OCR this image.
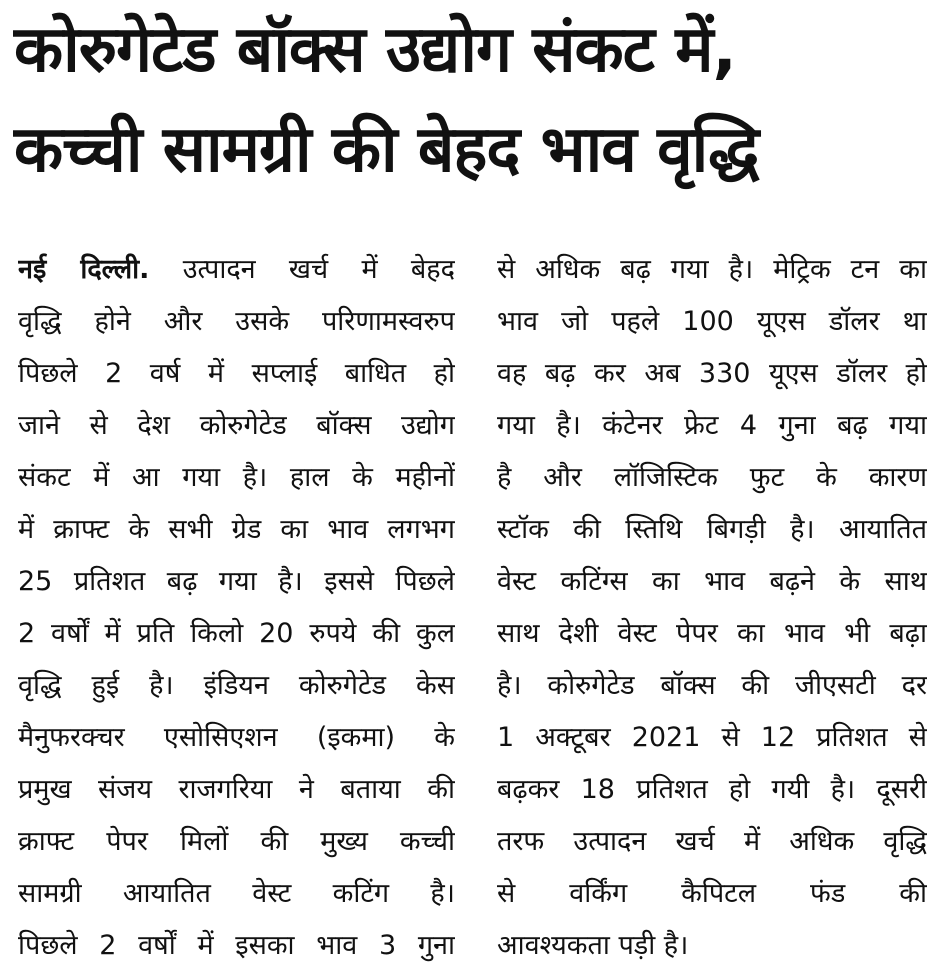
कोरुगेटेड बॉक्स उद्योग संकट में,
कच्ची सामग्री की बेहद भाव वृद्धि
नई दिल्ली. उत्पादन खर्च में बेहद
वृद्धि होने और उसके परिणामस्वरुप
पिछले 2 वर्ष में सप्लाई बाधित हो
जाने से देश कोरुगेटेड बॉक्स उद्योग
संकट में आ गया है। हाल के महीनों
में क्राफ्ट के सभी ग्रेड का भाव लगभग
25 प्रतिशत बढ़ गया है। इससे पिछले
2 वर्षों में प्रति किलो 20 रुपये की कुल
वृद्धि हुई है। इंडियन कोरुगेटेड केस
मैनुफरक्चर एसोसिएशन (इकमा) के
प्रमुख संजय राजगरिया ने बताया की
क्राफ्ट पेपर मिलों की मुख्य कच्ची
सामग्री आयातित वेस्ट कटिंग है।
पिछले 2 वर्षों में इसका भाव 3 गुना
से अधिक बढ़ गया है। मेट्रिक टन का
भाव जो पहले 100 यूएस डॉलर था
वह बढ़ कर अब 330 यूएस डॉलर हो
गया है। कंटेनर फ्रेट 4 गुना बढ़ गया
है और लॉजिस्टिक फुट के कारण
स्टॉक की स्तिथि बिगड़ी है। आयातित
वेस्ट कटिंग्स का भाव बढ़ने के साथ
साथ देशी वेस्ट पेपर का भाव भी बढ़ा
है। कोरुगेटेड बॉक्स की जीएसटी दर
1 अक्टूबर 2021 से 12 प्रतिशत से
बढ़कर 18 प्रतिशत हो गयी है। दूसरी
तरफ उत्पादन खर्च में अधिक वृद्धि
से वर्किंग कैपिटल फंड की
आवश्यकता पड़ी है।
